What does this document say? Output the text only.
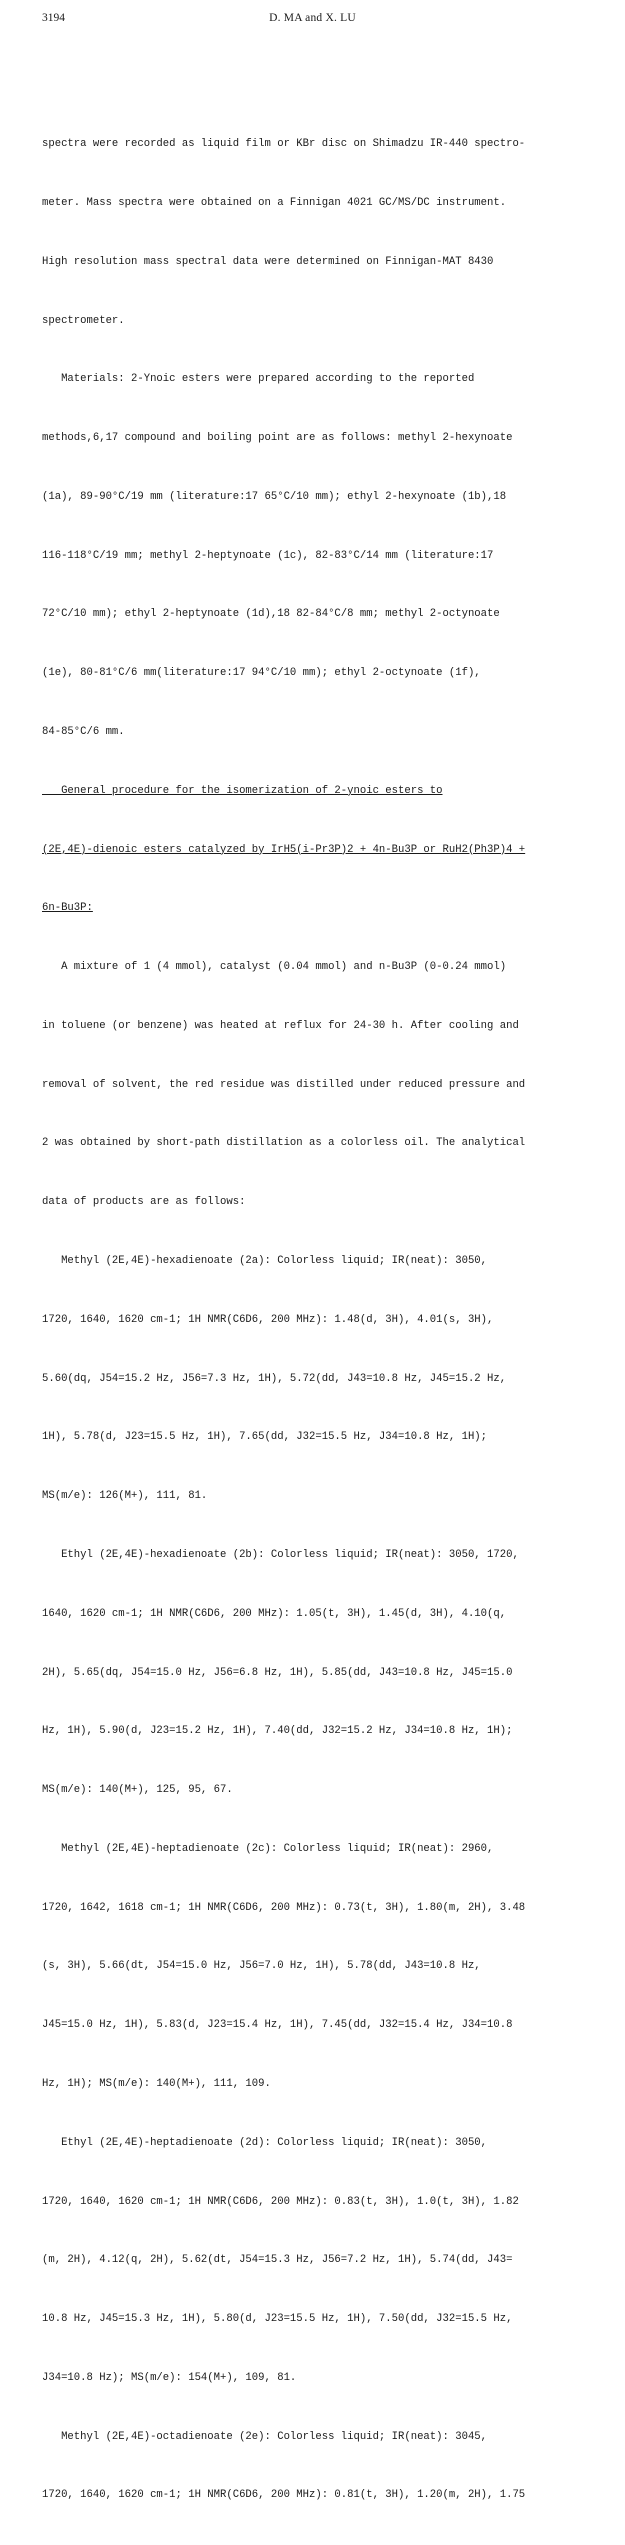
3194	D. MA and X. LU

spectra were recorded as liquid film or KBr disc on Shimadzu IR-440 spectro-

meter. Mass spectra were obtained on a Finnigan 4021 GC/MS/DC instrument.

High resolution mass spectral data were determined on Finnigan-MAT 8430

spectrometer.

Materials: 2-Ynoic esters were prepared according to the reported

methods,6,17 compound and boiling point are as follows: methyl 2-hexynoate

(1a), 89-90°C/19 mm (literature:17 65°C/10 mm); ethyl 2-hexynoate (1b),18

116-118°C/19 mm; methyl 2-heptynoate (1c), 82-83°C/14 mm (literature:17

72°C/10 mm); ethyl 2-heptynoate (1d),18 82-84°C/8 mm; methyl 2-octynoate

(1e), 80-81°C/6 mm(literature:17 94°C/10 mm); ethyl 2-octynoate (1f),

84-85°C/6 mm.

General procedure for the isomerization of 2-ynoic esters to

(2E,4E)-dienoic esters catalyzed by IrH5(i-Pr3P)2 + 4n-Bu3P or RuH2(Ph3P)4 +

6n-Bu3P:

A mixture of 1 (4 mmol), catalyst (0.04 mmol) and n-Bu3P (0-0.24 mmol)

in toluene (or benzene) was heated at reflux for 24-30 h. After cooling and

removal of solvent, the red residue was distilled under reduced pressure and

2 was obtained by short-path distillation as a colorless oil. The analytical

data of products are as follows:

Methyl (2E,4E)-hexadienoate (2a): Colorless liquid; IR(neat): 3050,

1720, 1640, 1620 cm-1; 1H NMR(C6D6, 200 MHz): 1.48(d, 3H), 4.01(s, 3H),

5.60(dq, J54=15.2 Hz, J56=7.3 Hz, 1H), 5.72(dd, J43=10.8 Hz, J45=15.2 Hz,

1H), 5.78(d, J23=15.5 Hz, 1H), 7.65(dd, J32=15.5 Hz, J34=10.8 Hz, 1H);

MS(m/e): 126(M+), 111, 81.

Ethyl (2E,4E)-hexadienoate (2b): Colorless liquid; IR(neat): 3050, 1720,

1640, 1620 cm-1; 1H NMR(C6D6, 200 MHz): 1.05(t, 3H), 1.45(d, 3H), 4.10(q,

2H), 5.65(dq, J54=15.0 Hz, J56=6.8 Hz, 1H), 5.85(dd, J43=10.8 Hz, J45=15.0

Hz, 1H), 5.90(d, J23=15.2 Hz, 1H), 7.40(dd, J32=15.2 Hz, J34=10.8 Hz, 1H);

MS(m/e): 140(M+), 125, 95, 67.

Methyl (2E,4E)-heptadienoate (2c): Colorless liquid; IR(neat): 2960,

1720, 1642, 1618 cm-1; 1H NMR(C6D6, 200 MHz): 0.73(t, 3H), 1.80(m, 2H), 3.48

(s, 3H), 5.66(dt, J54=15.0 Hz, J56=7.0 Hz, 1H), 5.78(dd, J43=10.8 Hz,

J45=15.0 Hz, 1H), 5.83(d, J23=15.4 Hz, 1H), 7.45(dd, J32=15.4 Hz, J34=10.8

Hz, 1H); MS(m/e): 140(M+), 111, 109.

Ethyl (2E,4E)-heptadienoate (2d): Colorless liquid; IR(neat): 3050,

1720, 1640, 1620 cm-1; 1H NMR(C6D6, 200 MHz): 0.83(t, 3H), 1.0(t, 3H), 1.82

(m, 2H), 4.12(q, 2H), 5.62(dt, J54=15.3 Hz, J56=7.2 Hz, 1H), 5.74(dd, J43=

10.8 Hz, J45=15.3 Hz, 1H), 5.80(d, J23=15.5 Hz, 1H), 7.50(dd, J32=15.5 Hz,

J34=10.8 Hz); MS(m/e): 154(M+), 109, 81.

Methyl (2E,4E)-octadienoate (2e): Colorless liquid; IR(neat): 3045,

1720, 1640, 1620 cm-1; 1H NMR(C6D6, 200 MHz): 0.81(t, 3H), 1.20(m, 2H), 1.75
